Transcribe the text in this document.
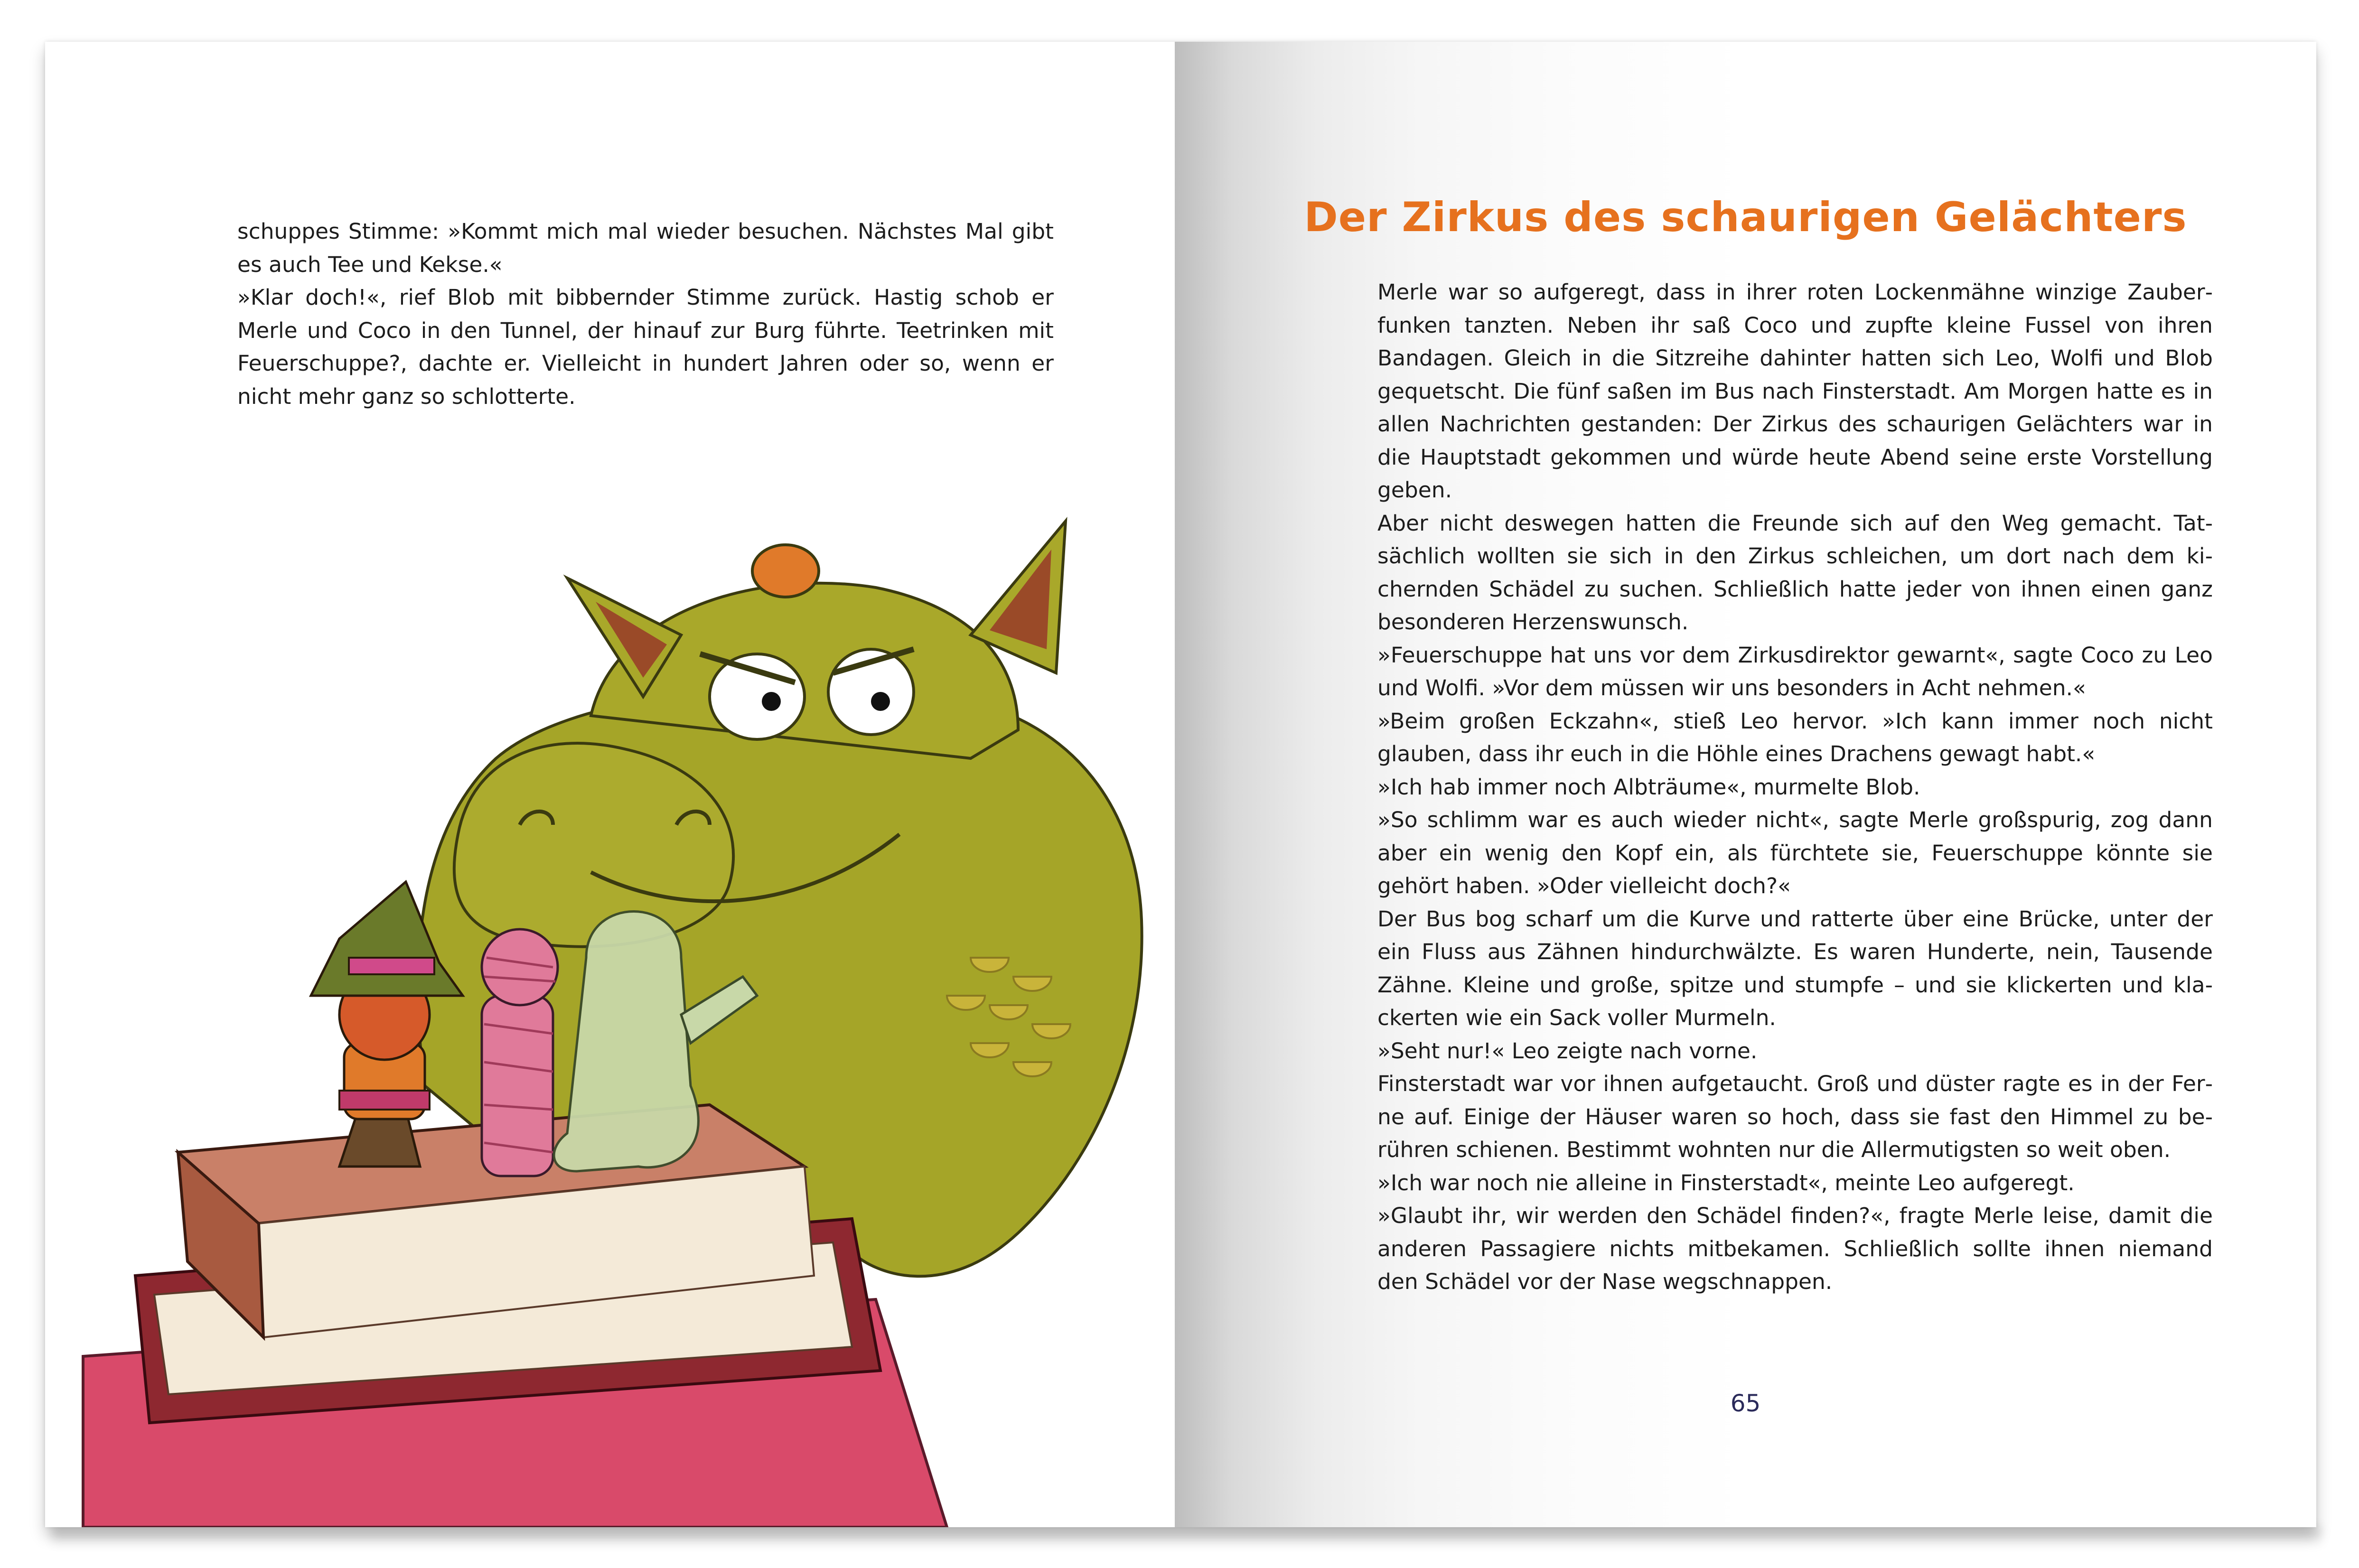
schuppes Stimme: »Kommt mich mal wieder besuchen. Nächstes Mal gibt es auch Tee und Kekse.«

»Klar doch!«, rief Blob mit bibbernder Stimme zurück. Hastig schob er Merle und Coco in den Tunnel, der hinauf zur Burg führte. Teetrinken mit Feuerschuppe?, dachte er. Vielleicht in hundert Jahren oder so, wenn er nicht mehr ganz so schlotterte.

Der Zirkus des schaurigen Gelächters

Merle war so aufgeregt, dass in ihrer roten Lockenmähne winzige Zauberfunken tanzten. Neben ihr saß Coco und zupfte kleine Fussel von ihren Bandagen. Gleich in die Sitzreihe dahinter hatten sich Leo, Wolfi und Blob gequetscht. Die fünf saßen im Bus nach Finsterstadt. Am Morgen hatte es in allen Nachrichten gestanden: Der Zirkus des schaurigen Gelächters war in die Hauptstadt gekommen und würde heute Abend seine erste Vorstellung geben.

Aber nicht deswegen hatten die Freunde sich auf den Weg gemacht. Tatsächlich wollten sie sich in den Zirkus schleichen, um dort nach dem kichernden Schädel zu suchen. Schließlich hatte jeder von ihnen einen ganz besonderen Herzenswunsch.

»Feuerschuppe hat uns vor dem Zirkusdirektor gewarnt«, sagte Coco zu Leo und Wolfi. »Vor dem müssen wir uns besonders in Acht nehmen.«

»Beim großen Eckzahn«, stieß Leo hervor. »Ich kann immer noch nicht glauben, dass ihr euch in die Höhle eines Drachens gewagt habt.«

»Ich hab immer noch Albträume«, murmelte Blob.

»So schlimm war es auch wieder nicht«, sagte Merle großspurig, zog dann aber ein wenig den Kopf ein, als fürchtete sie, Feuerschuppe könnte sie gehört haben. »Oder vielleicht doch?«

Der Bus bog scharf um die Kurve und ratterte über eine Brücke, unter der ein Fluss aus Zähnen hindurchwälzte. Es waren Hunderte, nein, Tausende Zähne. Kleine und große, spitze und stumpfe – und sie klickerten und klackerten wie ein Sack voller Murmeln.

»Seht nur!« Leo zeigte nach vorne.

Finsterstadt war vor ihnen aufgetaucht. Groß und düster ragte es in der Ferne auf. Einige der Häuser waren so hoch, dass sie fast den Himmel zu berühren schienen. Bestimmt wohnten nur die Allermutigsten so weit oben.

»Ich war noch nie alleine in Finsterstadt«, meinte Leo aufgeregt.

»Glaubt ihr, wir werden den Schädel finden?«, fragte Merle leise, damit die anderen Passagiere nichts mitbekamen. Schließlich sollte ihnen niemand den Schädel vor der Nase wegschnappen.

65
